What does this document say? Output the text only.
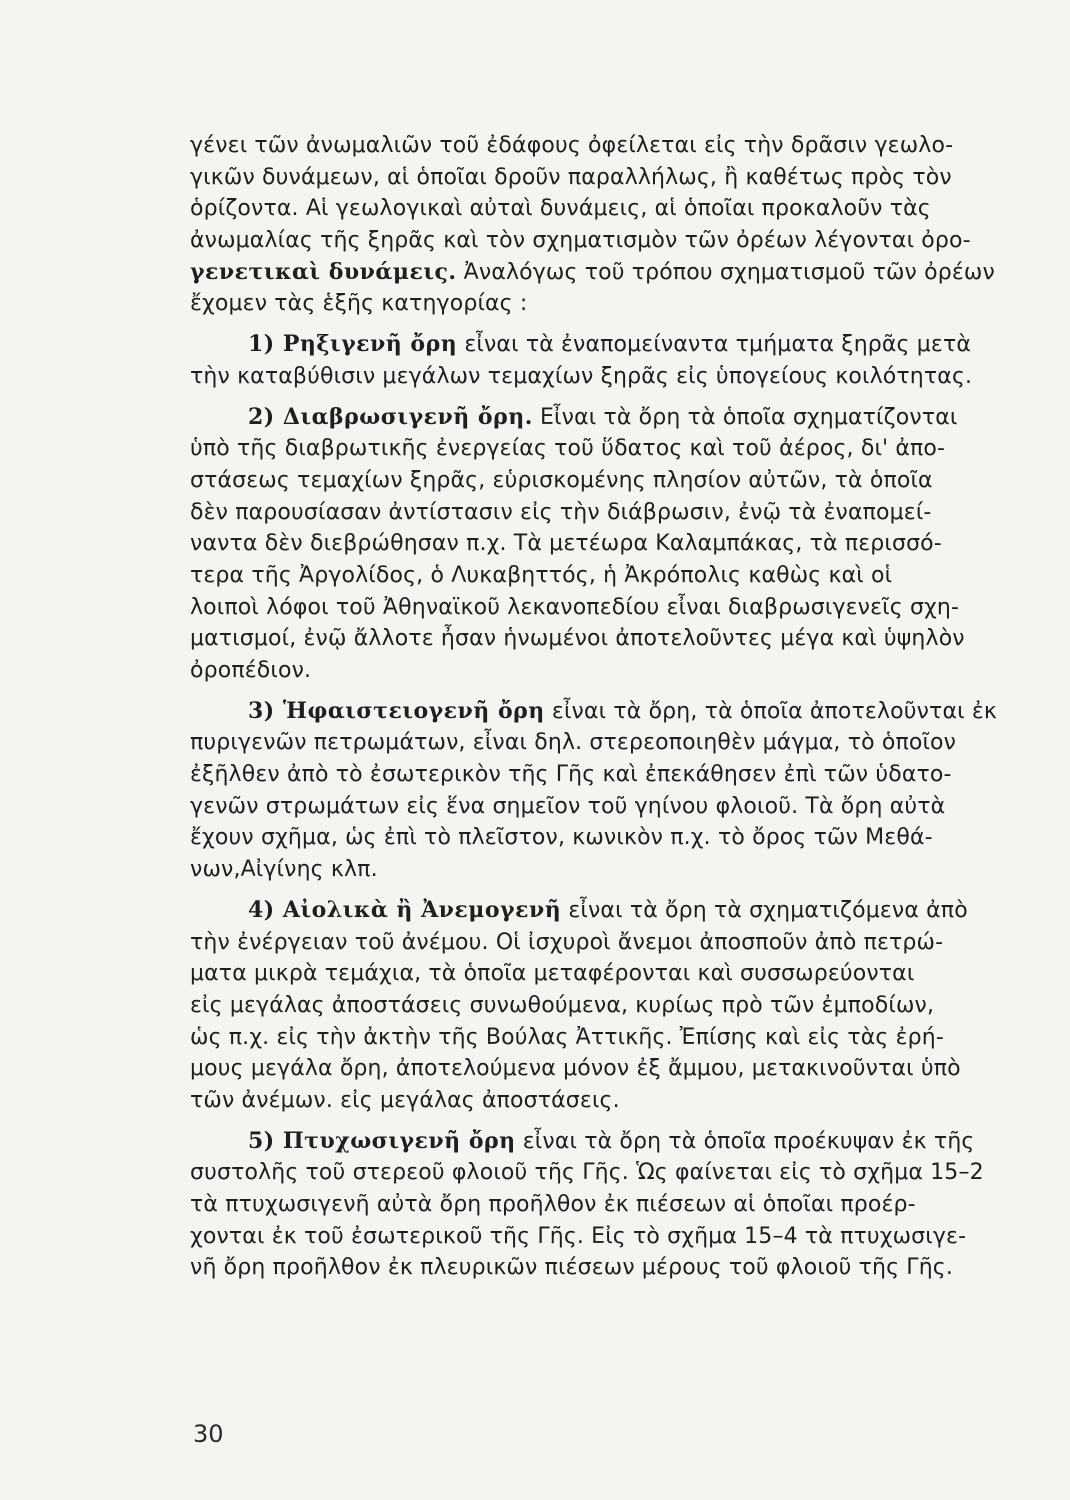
γένει τῶν ἀνωμαλιῶν τοῦ ἐδάφους ὀφείλεται εἰς τὴν δρᾶσιν γεωλο-
γικῶν δυνάμεων, αἱ ὁποῖαι δροῦν παραλλήλως, ἢ καθέτως πρὸς τὸν
ὁρίζοντα. Αἱ γεωλογικαὶ αὐταὶ δυνάμεις, αἱ ὁποῖαι προκαλοῦν τὰς
ἀνωμαλίας τῆς ξηρᾶς καὶ τὸν σχηματισμὸν τῶν ὀρέων λέγονται ὀρο-
γενετικαὶ δυνάμεις. Ἀναλόγως τοῦ τρόπου σχηματισμοῦ τῶν ὀρέων
ἔχομεν τὰς ἑξῆς κατηγορίας :
1) Ρηξιγενῆ ὄρη εἶναι τὰ ἐναπομείναντα τμήματα ξηρᾶς μετὰ
τὴν καταβύθισιν μεγάλων τεμαχίων ξηρᾶς εἰς ὑπογείους κοιλότητας.
2) Διαβρωσιγενῆ ὄρη. Εἶναι τὰ ὄρη τὰ ὁποῖα σχηματίζονται
ὑπὸ τῆς διαβρωτικῆς ἐνεργείας τοῦ ὕδατος καὶ τοῦ ἀέρος, δι' ἀπο-
στάσεως τεμαχίων ξηρᾶς, εὑρισκομένης πλησίον αὐτῶν, τὰ ὁποῖα
δὲν παρουσίασαν ἀντίστασιν εἰς τὴν διάβρωσιν, ἐνῷ τὰ ἐναπομεί-
ναντα δὲν διεβρώθησαν π.χ. Τὰ μετέωρα Καλαμπάκας, τὰ περισσό-
τερα τῆς Ἀργολίδος, ὁ Λυκαβηττός, ἡ Ἀκρόπολις καθὼς καὶ οἱ
λοιποὶ λόφοι τοῦ Ἀθηναϊκοῦ λεκανοπεδίου εἶναι διαβρωσιγενεῖς σχη-
ματισμοί, ἐνῷ ἄλλοτε ἦσαν ἡνωμένοι ἀποτελοῦντες μέγα καὶ ὑψηλὸν
ὀροπέδιον.
3) Ἡφαιστειογενῆ ὄρη εἶναι τὰ ὄρη, τὰ ὁποῖα ἀποτελοῦνται ἐκ
πυριγενῶν πετρωμάτων, εἶναι δηλ. στερεοποιηθὲν μάγμα, τὸ ὁποῖον
ἐξῆλθεν ἀπὸ τὸ ἐσωτερικὸν τῆς Γῆς καὶ ἐπεκάθησεν ἐπὶ τῶν ὑδατο-
γενῶν στρωμάτων εἰς ἕνα σημεῖον τοῦ γηίνου φλοιοῦ. Τὰ ὄρη αὐτὰ
ἔχουν σχῆμα, ὡς ἐπὶ τὸ πλεῖστον, κωνικὸν π.χ. τὸ ὄρος τῶν Μεθά-
νων,Αἰγίνης κλπ.
4) Αἰολικὰ ἢ Ἀνεμογενῆ εἶναι τὰ ὄρη τὰ σχηματιζόμενα ἀπὸ
τὴν ἐνέργειαν τοῦ ἀνέμου. Οἱ ἰσχυροὶ ἄνεμοι ἀποσποῦν ἀπὸ πετρώ-
ματα μικρὰ τεμάχια, τὰ ὁποῖα μεταφέρονται καὶ συσσωρεύονται
εἰς μεγάλας ἀποστάσεις συνωθούμενα, κυρίως πρὸ τῶν ἐμποδίων,
ὡς π.χ. εἰς τὴν ἀκτὴν τῆς Βούλας Ἀττικῆς. Ἐπίσης καὶ εἰς τὰς ἐρή-
μους μεγάλα ὄρη, ἀποτελούμενα μόνον ἐξ ἄμμου, μετακινοῦνται ὑπὸ
τῶν ἀνέμων. εἰς μεγάλας ἀποστάσεις.
5) Πτυχωσιγενῆ ὄρη εἶναι τὰ ὄρη τὰ ὁποῖα προέκυψαν ἐκ τῆς
συστολῆς τοῦ στερεοῦ φλοιοῦ τῆς Γῆς. Ὡς φαίνεται εἰς τὸ σχῆμα 15–2
τὰ πτυχωσιγενῆ αὐτὰ ὄρη προῆλθον ἐκ πιέσεων αἱ ὁποῖαι προέρ-
χονται ἐκ τοῦ ἐσωτερικοῦ τῆς Γῆς. Εἰς τὸ σχῆμα 15–4 τὰ πτυχωσιγε-
νῆ ὄρη προῆλθον ἐκ πλευρικῶν πιέσεων μέρους τοῦ φλοιοῦ τῆς Γῆς.
30
